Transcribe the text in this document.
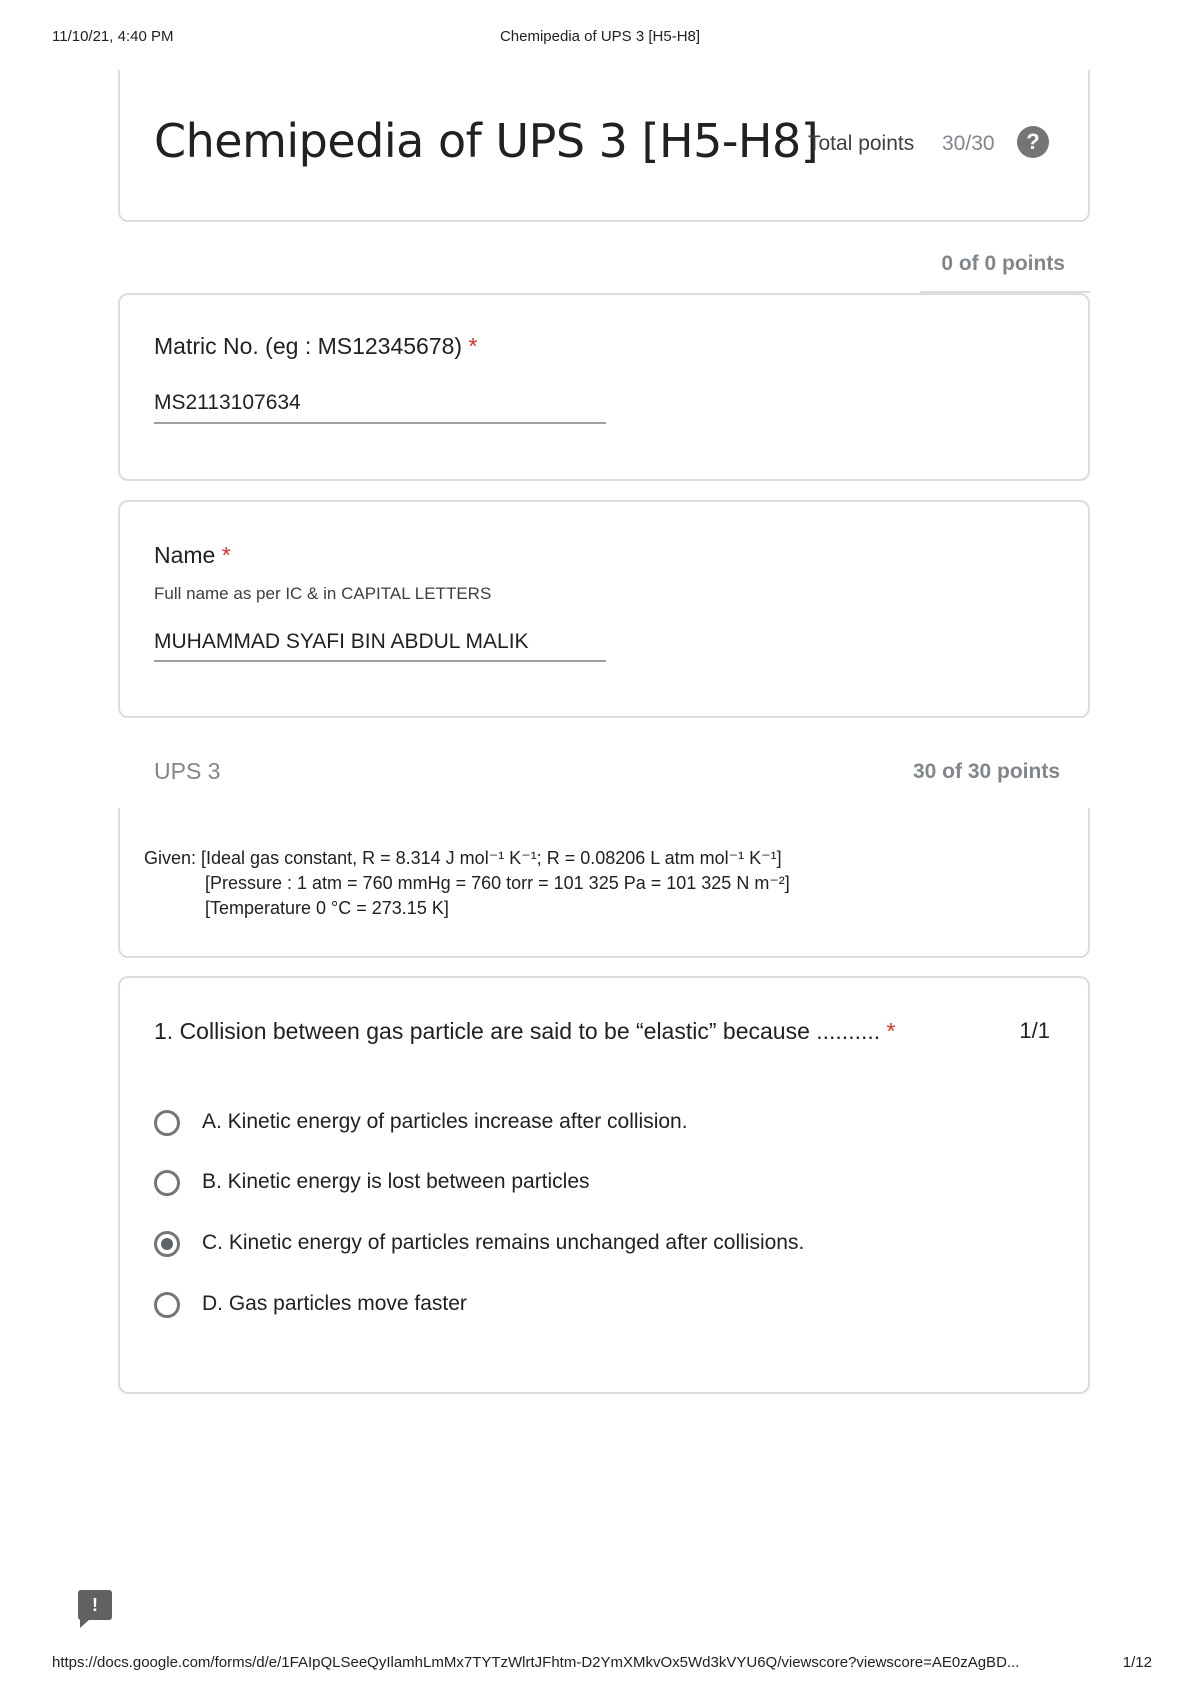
11/10/21, 4:40 PM	Chemipedia of UPS 3 [H5-H8]
Chemipedia of UPS 3 [H5-H8]
Total points 30/30	?
0 of 0 points
Matric No. (eg : MS12345678) *
MS2113107634
Name *
Full name as per IC & in CAPITAL LETTERS
MUHAMMAD SYAFI BIN ABDUL MALIK
UPS 3	30 of 30 points
Given: [Ideal gas constant, R = 8.314 J mol⁻¹ K⁻¹; R = 0.08206 L atm mol⁻¹ K⁻¹]
[Pressure : 1 atm = 760 mmHg = 760 torr = 101 325 Pa = 101 325 N m⁻²]
[Temperature 0 °C = 273.15 K]
1. Collision between gas particle are said to be “elastic” because .......... *	1/1
A. Kinetic energy of particles increase after collision.
B. Kinetic energy is lost between particles
C. Kinetic energy of particles remains unchanged after collisions.
D. Gas particles move faster
!
https://docs.google.com/forms/d/e/1FAIpQLSeeQyIlamhLmMx7TYTzWlrtJFhtm-D2YmXMkvOx5Wd3kVYU6Q/viewscore?viewscore=AE0zAgBD...	1/12
